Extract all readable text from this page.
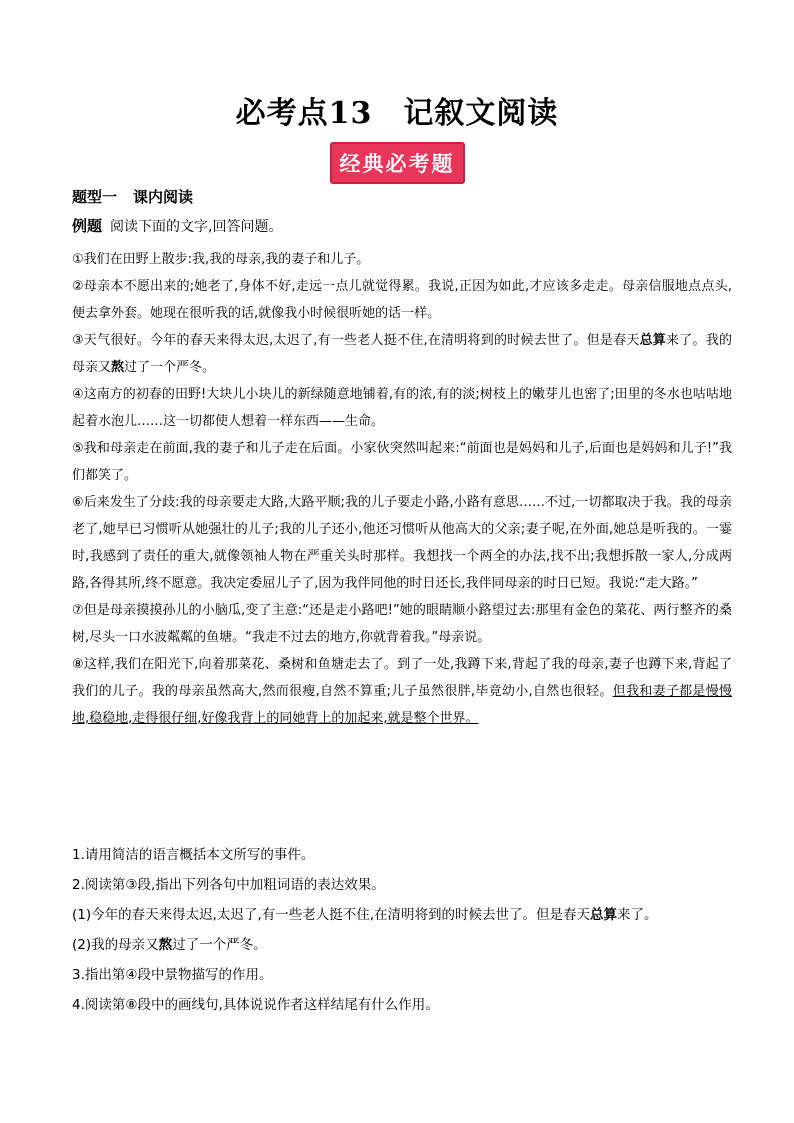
必考点13　记叙文阅读
经典必考题
题型一 课内阅读
例题 阅读下面的文字,回答问题。

①我们在田野上散步:我,我的母亲,我的妻子和儿子。

②母亲本不愿出来的;她老了,身体不好,走远一点儿就觉得累。我说,正因为如此,才应该多走走。母亲信服地点点头,便去拿外套。她现在很听我的话,就像我小时候很听她的话一样。

③天气很好。今年的春天来得太迟,太迟了,有一些老人挺不住,在清明将到的时候去世了。但是春天总算来了。我的母亲又熬过了一个严冬。

④这南方的初春的田野!大块儿小块儿的新绿随意地铺着,有的浓,有的淡;树枝上的嫩芽儿也密了;田里的冬水也咕咕地起着水泡儿……这一切都使人想着一样东西——生命。

⑤我和母亲走在前面,我的妻子和儿子走在后面。小家伙突然叫起来:“前面也是妈妈和儿子,后面也是妈妈和儿子!”我们都笑了。

⑥后来发生了分歧:我的母亲要走大路,大路平顺;我的儿子要走小路,小路有意思……不过,一切都取决于我。我的母亲老了,她早已习惯听从她强壮的儿子;我的儿子还小,他还习惯听从他高大的父亲;妻子呢,在外面,她总是听我的。一霎时,我感到了责任的重大,就像领袖人物在严重关头时那样。我想找一个两全的办法,找不出;我想拆散一家人,分成两路,各得其所,终不愿意。我决定委屈儿子了,因为我伴同他的时日还长,我伴同母亲的时日已短。我说:“走大路。”

⑦但是母亲摸摸孙儿的小脑瓜,变了主意:“还是走小路吧!”她的眼睛顺小路望过去:那里有金色的菜花、两行整齐的桑树,尽头一口水波粼粼的鱼塘。“我走不过去的地方,你就背着我。”母亲说。

⑧这样,我们在阳光下,向着那菜花、桑树和鱼塘走去了。到了一处,我蹲下来,背起了我的母亲,妻子也蹲下来,背起了我们的儿子。我的母亲虽然高大,然而很瘦,自然不算重;儿子虽然很胖,毕竟幼小,自然也很轻。但我和妻子都是慢慢地,稳稳地,走得很仔细,好像我背上的同她背上的加起来,就是整个世界。

1.请用简洁的语言概括本文所写的事件。

2.阅读第③段,指出下列各句中加粗词语的表达效果。

(1)今年的春天来得太迟,太迟了,有一些老人挺不住,在清明将到的时候去世了。但是春天总算来了。

(2)我的母亲又熬过了一个严冬。

3.指出第④段中景物描写的作用。

4.阅读第⑧段中的画线句,具体说说作者这样结尾有什么作用。
